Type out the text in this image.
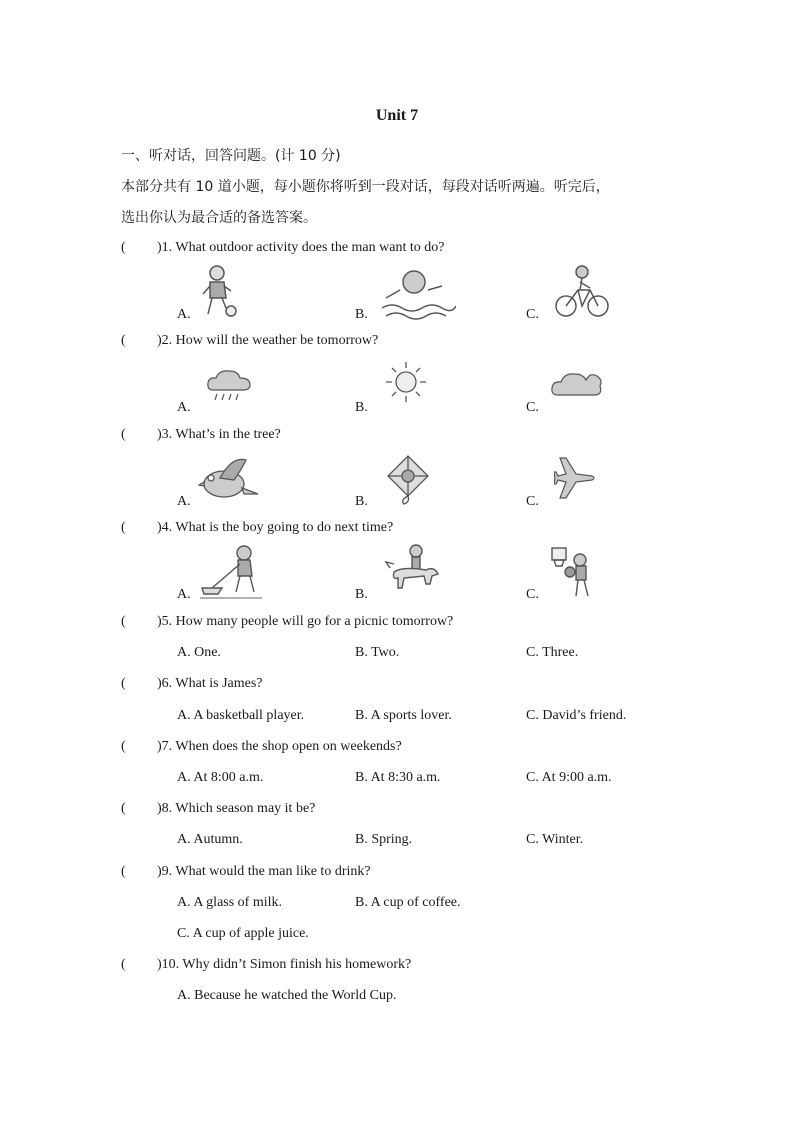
Unit 7
一、听对话，回答问题。(计 10 分)
本部分共有 10 道小题，每小题你将听到一段对话，每段对话听两遍。听完后，
选出你认为最合适的备选答案。
( )1. What outdoor activity does the man want to do?
A.	B.	C.
( )2. How will the weather be tomorrow?
A.	B.	C.
( )3. What’s in the tree?
A.	B.	C.
( )4. What is the boy going to do next time?
A.	B.	C.
( )5. How many people will go for a picnic tomorrow?
A. One.	B. Two.	C. Three.
( )6. What is James?
A. A basketball player.	B. A sports lover.	C. David’s friend.
( )7. When does the shop open on weekends?
A. At 8:00 a.m.	B. At 8:30 a.m.	C. At 9:00 a.m.
( )8. Which season may it be?
A. Autumn.	B. Spring.	C. Winter.
( )9. What would the man like to drink?
A. A glass of milk.	B. A cup of coffee.
C. A cup of apple juice.
( )10. Why didn’t Simon finish his homework?
A. Because he watched the World Cup.
